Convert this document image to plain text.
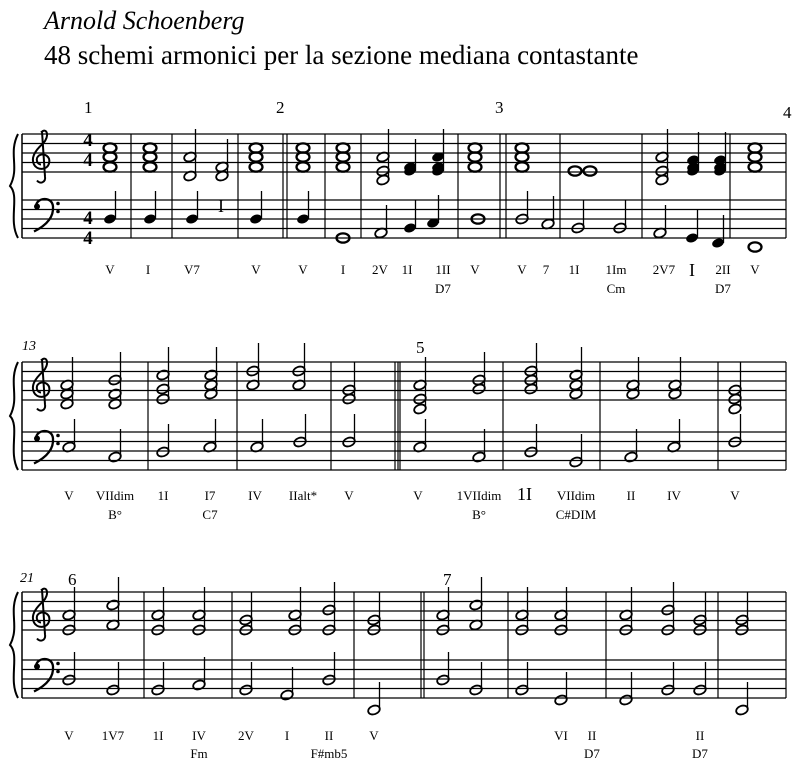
Arnold Schoenberg
48 schemi armonici per la sezione mediana contastante
1	2	3	4
I
I
V I	V7	V	V	I 2V 1I 1II V	V 7 1I 1Im 2V7	2II V
D7	Cm	D7
13	5
1I
V VIIdim 1I	I7	IV IIalt* V	V	1VIIdim	VIIdim II IV	V
B°	C7	B°	C#DIM
21 6	7
V 1V7 1I IV 2V I	II	V	VI II	II
Fm	F#mb5	D7	D7
4
4
4
4
